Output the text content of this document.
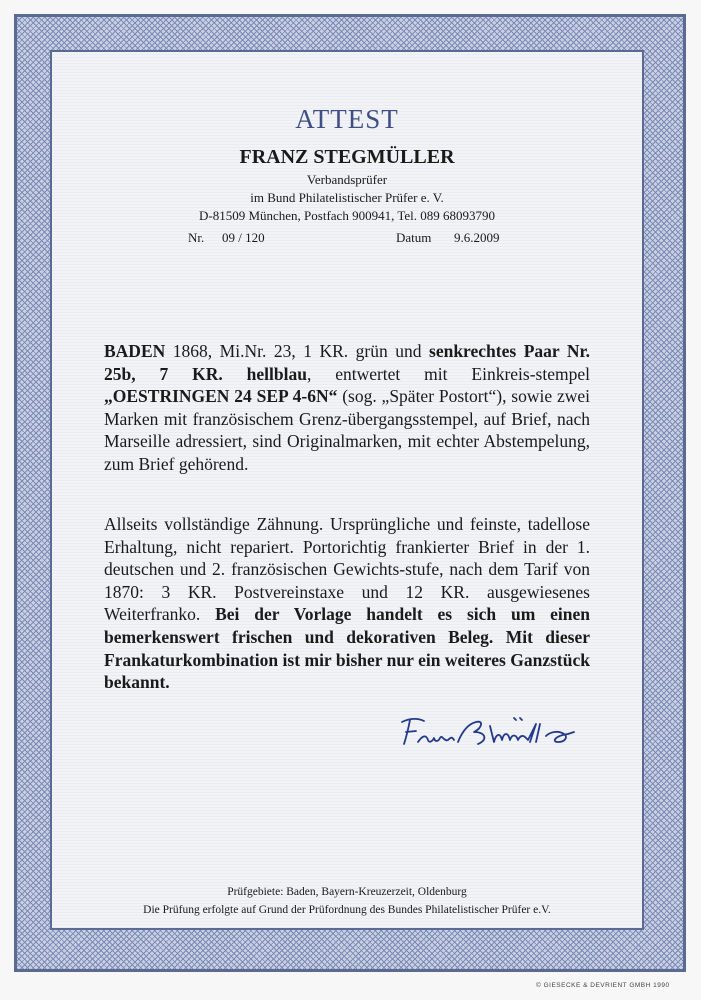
ATTEST

FRANZ STEGMÜLLER

Verbandsprüfer

im Bund Philatelistischer Prüfer e. V.

D-81509 München, Postfach 900941, Tel. 089 68093790

Nr. 09 / 120	Datum 9.6.2009

BADEN 1868, Mi.Nr. 23, 1 KR. grün und senkrechtes Paar Nr. 25b, 7 KR. hellblau, entwertet mit Einkreis-stempel „OESTRINGEN 24 SEP 4-6N“ (sog. „Später Postort“), sowie zwei Marken mit französischem Grenz-übergangsstempel, auf Brief, nach Marseille adressiert, sind Originalmarken, mit echter Abstempelung, zum Brief gehörend.

Allseits vollständige Zähnung. Ursprüngliche und feinste, tadellose Erhaltung, nicht repariert. Portorichtig frankierter Brief in der 1. deutschen und 2. französischen Gewichts-stufe, nach dem Tarif von 1870: 3 KR. Postvereinstaxe und 12 KR. ausgewiesenes Weiterfranko. Bei der Vorlage handelt es sich um einen bemerkenswert frischen und dekorativen Beleg. Mit dieser Frankaturkombination ist mir bisher nur ein weiteres Ganzstück bekannt.

Prüfgebiete: Baden, Bayern-Kreuzerzeit, Oldenburg

Die Prüfung erfolgte auf Grund der Prüfordnung des Bundes Philatelistischer Prüfer e.V.

© GIESECKE & DEVRIENT GMBH 1990
